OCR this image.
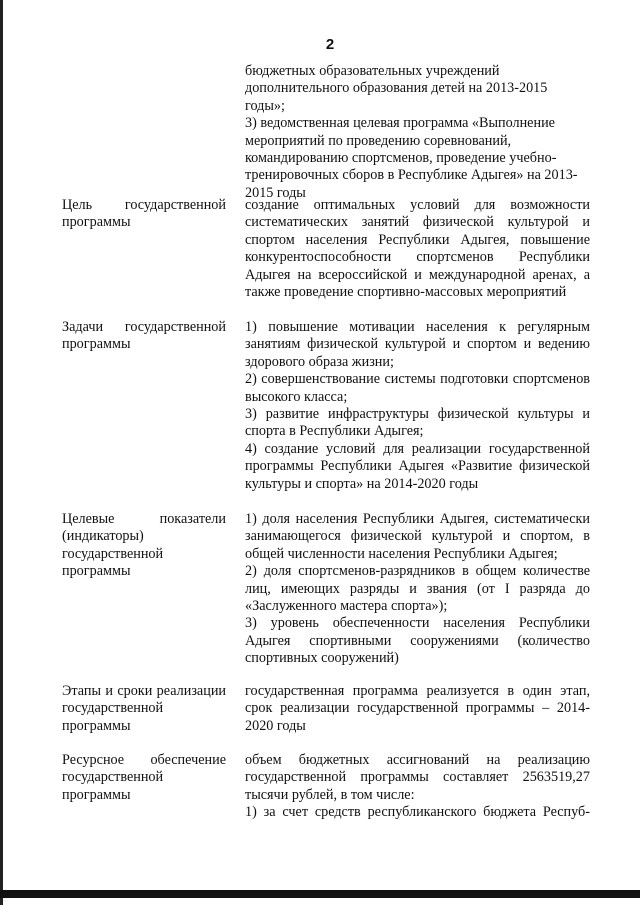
2

бюджетных образовательных учреждений дополнительного образования детей на 2013-2015 годы»;

3) ведомственная целевая программа «Выполнение мероприятий по проведению соревнований, командированию спортсменов, проведение учебно-тренировочных сборов в Республике Адыгея» на 2013-2015 годы

Цель государственной программы

создание оптимальных условий для возможности систематических занятий физической культурой и спортом населения Республики Адыгея, повышение конкурентоспособности спортсменов Республики Адыгея на всероссийской и международной аренах, а также проведение спортивно-массовых мероприятий

Задачи государственной программы

1) повышение мотивации населения к регулярным занятиям физической культурой и спортом и ведению здорового образа жизни;

2) совершенствование системы подготовки спортсменов высокого класса;

3) развитие инфраструктуры физической культуры и спорта в Республики Адыгея;

4) создание условий для реализации государственной программы Республики Адыгея «Развитие физической культуры и спорта» на 2014-2020 годы

Целевые показатели (индикаторы) государственной программы

1) доля населения Республики Адыгея, систематически занимающегося физической культурой и спортом, в общей численности населения Республики Адыгея;

2) доля спортсменов-разрядников в общем количестве лиц, имеющих разряды и звания (от I разряда до «Заслуженного мастера спорта»);

3) уровень обеспеченности населения Республики Адыгея спортивными сооружениями (количество спортивных сооружений)

Этапы и сроки реализации государственной программы

государственная программа реализуется в один этап, срок реализации государственной программы – 2014-2020 годы

Ресурсное обеспечение государственной программы

объем бюджетных ассигнований на реализацию государственной программы составляет 2563519,27 тысячи рублей, в том числе:

1) за счет средств республиканского бюджета Респуб-
